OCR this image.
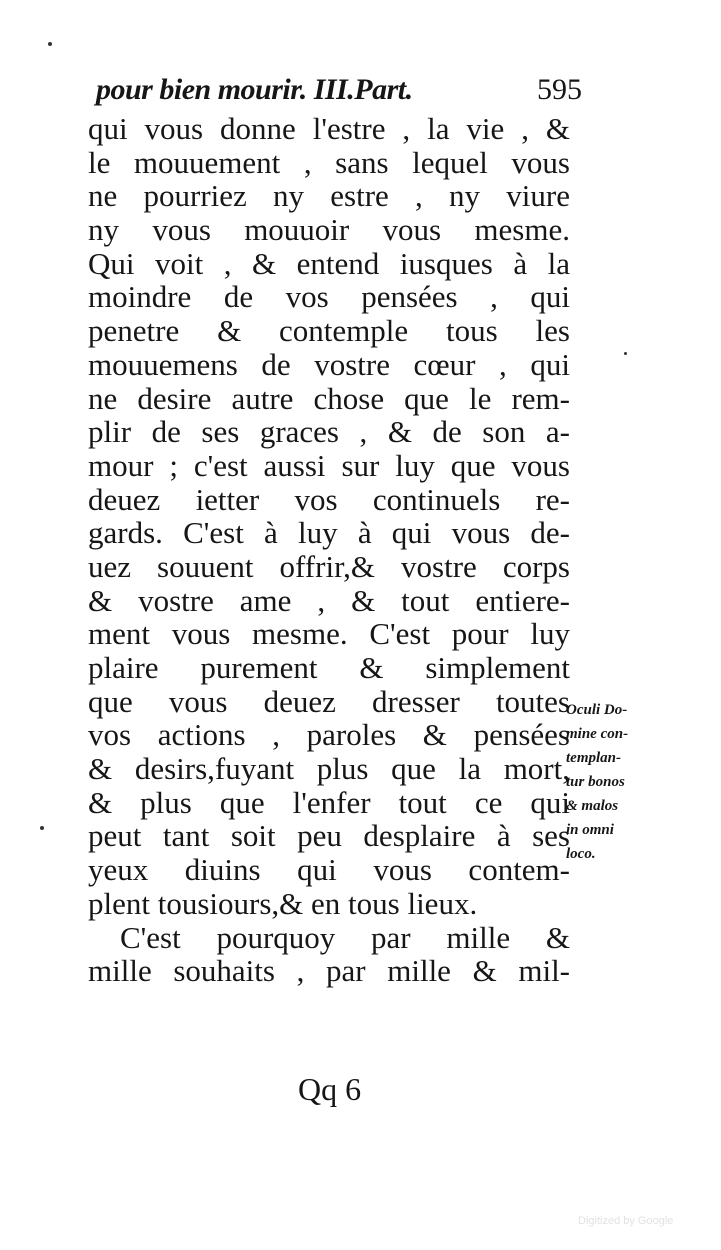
pour bien mourir. III.Part.	595
qui vous donne l'estre , la vie , &
le mouuement , sans lequel vous
ne pourriez ny estre , ny viure
ny vous mouuoir vous mesme.
Qui voit , & entend iusques à la
moindre de vos pensées , qui
penetre & contemple tous les
mouuemens de vostre cœur , qui
ne desire autre chose que le rem-
plir de ses graces , & de son a-
mour ; c'est aussi sur luy que vous
deuez ietter vos continuels re-
gards. C'est à luy à qui vous de-
uez souuent offrir,& vostre corps
& vostre ame , & tout entiere-
ment vous mesme. C'est pour luy
plaire purement & simplement
que vous deuez dresser toutes
vos actions , paroles & pensées
& desirs,fuyant plus que la mort,
& plus que l'enfer tout ce qui
peut tant soit peu desplaire à ses
yeux diuins qui vous contem-
plent tousiours,& en tous lieux.
C'est pourquoy par mille &
mille souhaits , par mille & mil-
Oculi Do-
mine con-
templan-
tur bonos
& malos
in omni
loco.
Qq 6
Digitized by Google
